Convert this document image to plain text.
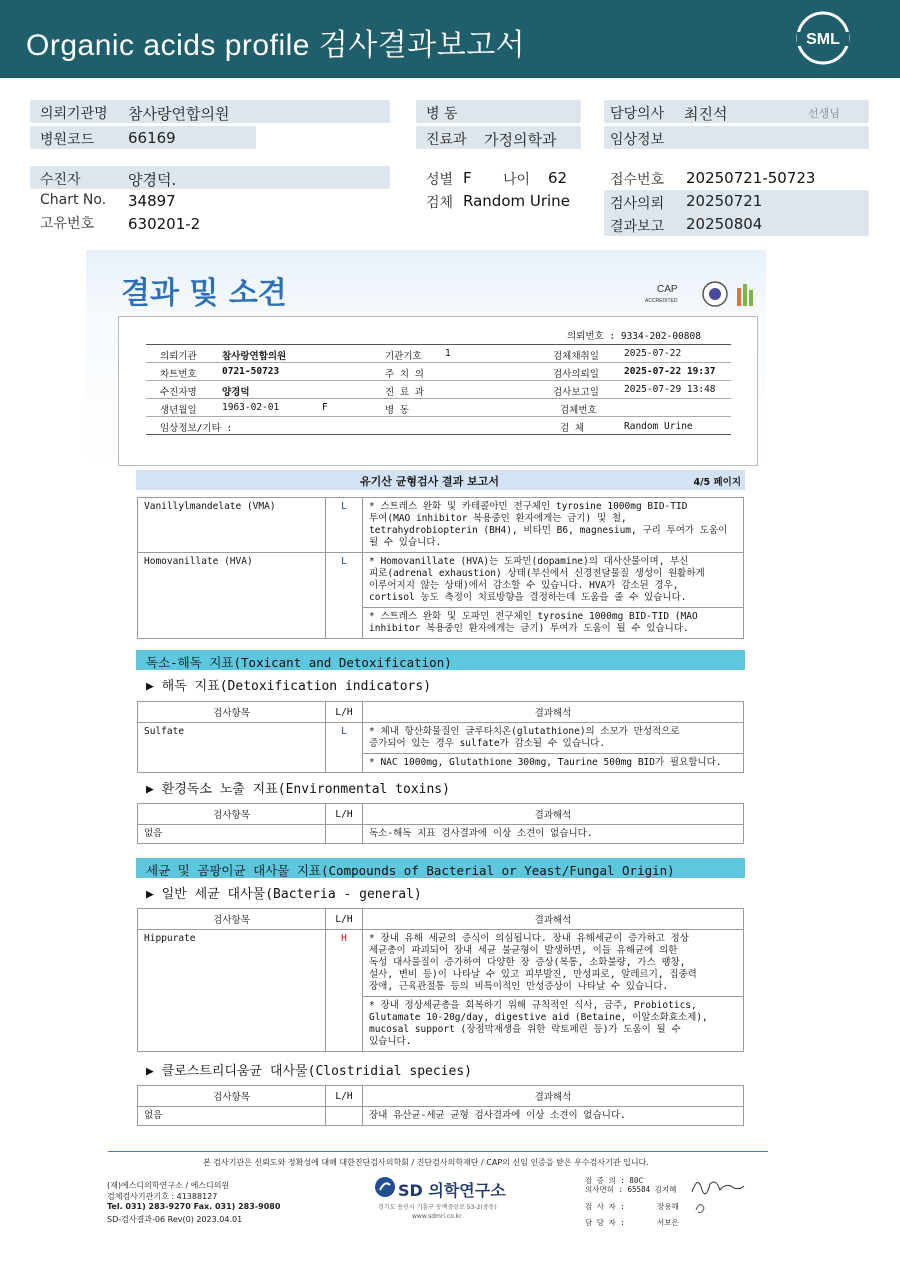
Organic acids profile 검사결과보고서	SML
의뢰기관명 참사랑연합의원
병원코드 66169
병 동
진료과 가정의학과
담당의사 최진석	선생님
임상정보
수진자	양경덕.
Chart No. 34897
고유번호 630201-2
성별 F 나이 62
검체 Random Urine
접수번호 20250721-50723
검사의뢰 20250721
결과보고 20250804
결과 및 소견	CAP
ACCREDITED
의뢰번호 : 9334-202-00808
의뢰기관	참사랑연합의원	기관기호 1	검체채취일	2025-07-22
차트번호	0721-50723	주 치 의	검사의뢰일	2025-07-22 19:37
수진자명	양경덕	진 료 과	검사보고일	2025-07-29 13:48
생년월일	1963-02-01	F	병 동	검체번호
임상정보/기타 :	검 체	Random Urine
유기산 균형검사 결과 보고서	4/5 페이지
Vanillylmandelate (VMA)	L	* 스트레스 완화 및 카테콜아민 전구체인 tyrosine 1000mg BID-TID
투여(MAO inhibitor 복용중인 환자에게는 금기) 및 철,
tetrahydrobiopterin (BH4), 비타민 B6, magnesium, 구리 투여가 도움이
될 수 있습니다.

Homovanillate (HVA)	L	* Homovanillate (HVA)는 도파민(dopamine)의 대사산물이며, 부신
피로(adrenal exhaustion) 상태(부신에서 신경전달물질 생성이 원활하게
이루어지지 않는 상태)에서 감소할 수 있습니다. HVA가 감소된 경우,
cortisol 농도 측정이 치료방향을 결정하는데 도움을 줄 수 있습니다.

		* 스트레스 완화 및 도파민 전구체인 tyrosine 1000mg BID-TID (MAO
inhibitor 복용중인 환자에게는 금기) 투여가 도움이 될 수 있습니다.
독소-해독 지표(Toxicant and Detoxification)
▶ 해독 지표(Detoxification indicators)
검사항목	L/H	결과해석
Sulfate	L	* 체내 항산화물질인 글루타치온(glutathione)의 소모가 만성적으로
증가되어 있는 경우 sulfate가 감소될 수 있습니다.

		* NAC 1000mg, Glutathione 300mg, Taurine 500mg BID가 필요합니다.
▶ 환경독소 노출 지표(Environmental toxins)
검사항목	L/H	결과해석
없음		독소-해독 지표 검사결과에 이상 소견이 없습니다.
세균 및 곰팡이균 대사물 지표(Compounds of Bacterial or Yeast/Fungal Origin)
▶ 일반 세균 대사물(Bacteria - general)
검사항목	L/H	결과해석
Hippurate	H	* 장내 유해 세균의 증식이 의심됩니다. 장내 유해세균이 증가하고 정상
세균총이 파괴되어 장내 세균 불균형이 발생하면, 이들 유해균에 의한
독성 대사물질이 증가하여 다양한 장 증상(복통, 소화불량, 가스 팽창,
설사, 변비 등)이 나타날 수 있고 피부발진, 만성피로, 알레르기, 집중력
장애, 근육관절통 등의 비특이적인 만성증상이 나타날 수 있습니다.

		* 장내 정상세균총을 회복하기 위해 규칙적인 식사, 금주, Probiotics,
Glutamate 10-20g/day, digestive aid (Betaine, 이알소화효소제),
mucosal support (장점막재생을 위한 락토페린 등)가 도움이 될 수
있습니다.
▶ 클로스트리디움균 대사물(Clostridial species)
검사항목	L/H	결과해석
없음		장내 유산균-세균 균형 검사결과에 이상 소견이 없습니다.
본 검사기관은 신뢰도와 정확성에 대해 대한진단검사의학회 / 진단검사의학재단 / CAP의 신임 인증을 받은 우수검사기관 입니다.
(재)에스디의학연구소 / 에스디의원
검체검사기관기호 : 41388127
Tel. 031) 283-9270 Fax. 031) 283-9080
SD-검사결과-06 Rev(0) 2023.04.01
SD 의학연구소
경기도 용인시 기흥구 동백중앙로 53-2(중동)
www.sdmri.co.kr
검 증 의 : 80Ⅽ
의사면허 : 65584 김지혜
검 사 자 :	장용해
담 당 자 :	서보은
